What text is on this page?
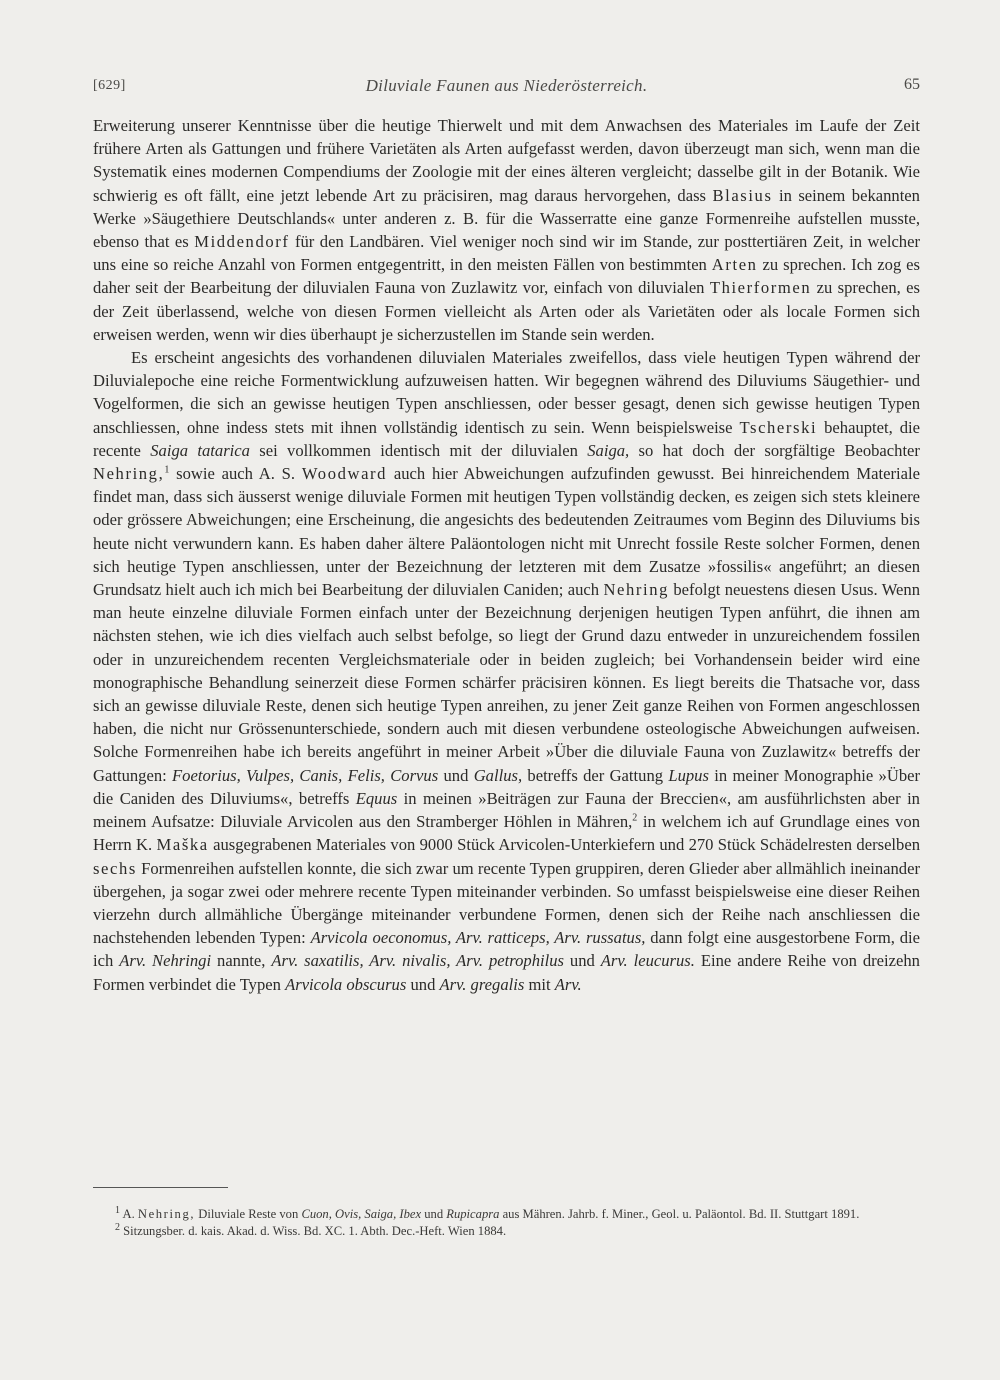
[629]	Diluviale Faunen aus Niederösterreich.	65

Erweiterung unserer Kenntnisse über die heutige Thierwelt und mit dem Anwachsen des Materiales im Laufe der Zeit frühere Arten als Gattungen und frühere Varietäten als Arten aufgefasst werden, davon überzeugt man sich, wenn man die Systematik eines modernen Compendiums der Zoologie mit der eines älteren vergleicht; dasselbe gilt in der Botanik. Wie schwierig es oft fällt, eine jetzt lebende Art zu präcisiren, mag daraus hervorgehen, dass Blasius in seinem bekannten Werke »Säugethiere Deutschlands« unter anderen z. B. für die Wasserratte eine ganze Formenreihe aufstellen musste, ebenso that es Middendorf für den Landbären. Viel weniger noch sind wir im Stande, zur posttertiären Zeit, in welcher uns eine so reiche Anzahl von Formen entgegentritt, in den meisten Fällen von bestimmten Arten zu sprechen. Ich zog es daher seit der Bearbeitung der diluvialen Fauna von Zuzlawitz vor, einfach von diluvialen Thierformen zu sprechen, es der Zeit überlassend, welche von diesen Formen vielleicht als Arten oder als Varietäten oder als locale Formen sich erweisen werden, wenn wir dies überhaupt je sicherzustellen im Stande sein werden.

Es erscheint angesichts des vorhandenen diluvialen Materiales zweifellos, dass viele heutigen Typen während der Diluvialepoche eine reiche Formentwicklung aufzuweisen hatten. Wir begegnen während des Diluviums Säugethier- und Vogelformen, die sich an gewisse heutigen Typen anschliessen, oder besser gesagt, denen sich gewisse heutigen Typen anschliessen, ohne indess stets mit ihnen vollständig identisch zu sein. Wenn beispielsweise Tscherski behauptet, die recente Saiga tatarica sei vollkommen identisch mit der diluvialen Saiga, so hat doch der sorgfältige Beobachter Nehring,$^1$ sowie auch A. S. Woodward auch hier Abweichungen aufzufinden gewusst. Bei hinreichendem Materiale findet man, dass sich äusserst wenige diluviale Formen mit heutigen Typen vollständig decken, es zeigen sich stets kleinere oder grössere Abweichungen; eine Erscheinung, die angesichts des bedeutenden Zeitraumes vom Beginn des Diluviums bis heute nicht verwundern kann. Es haben daher ältere Paläontologen nicht mit Unrecht fossile Reste solcher Formen, denen sich heutige Typen anschliessen, unter der Bezeichnung der letzteren mit dem Zusatze »fossilis« angeführt; an diesen Grundsatz hielt auch ich mich bei Bearbeitung der diluvialen Caniden; auch Nehring befolgt neuestens diesen Usus. Wenn man heute einzelne diluviale Formen einfach unter der Bezeichnung derjenigen heutigen Typen anführt, die ihnen am nächsten stehen, wie ich dies vielfach auch selbst befolge, so liegt der Grund dazu entweder in unzureichendem fossilen oder in unzureichendem recenten Vergleichsmateriale oder in beiden zugleich; bei Vorhandensein beider wird eine monographische Behandlung seinerzeit diese Formen schärfer präcisiren können. Es liegt bereits die Thatsache vor, dass sich an gewisse diluviale Reste, denen sich heutige Typen anreihen, zu jener Zeit ganze Reihen von Formen angeschlossen haben, die nicht nur Grössenunterschiede, sondern auch mit diesen verbundene osteologische Abweichungen aufweisen. Solche Formenreihen habe ich bereits angeführt in meiner Arbeit »Über die diluviale Fauna von Zuzlawitz« betreffs der Gattungen: Foetorius, Vulpes, Canis, Felis, Corvus und Gallus, betreffs der Gattung Lupus in meiner Monographie »Über die Caniden des Diluviums«, betreffs Equus in meinen »Beiträgen zur Fauna der Breccien«, am ausführlichsten aber in meinem Aufsatze: Diluviale Arvicolen aus den Stramberger Höhlen in Mähren,$^2$ in welchem ich auf Grundlage eines von Herrn K. Maška ausgegrabenen Materiales von 9000 Stück Arvicolen-Unterkiefern und 270 Stück Schädelresten derselben sechs Formenreihen aufstellen konnte, die sich zwar um recente Typen gruppiren, deren Glieder aber allmählich ineinander übergehen, ja sogar zwei oder mehrere recente Typen miteinander verbinden. So umfasst beispielsweise eine dieser Reihen vierzehn durch allmähliche Übergänge miteinander verbundene Formen, denen sich der Reihe nach anschliessen die nachstehenden lebenden Typen: Arvicola oeconomus, Arv. ratticeps, Arv. russatus, dann folgt eine ausgestorbene Form, die ich Arv. Nehringi nannte, Arv. saxatilis, Arv. nivalis, Arv. petrophilus und Arv. leucurus. Eine andere Reihe von dreizehn Formen verbindet die Typen Arvicola obscurus und Arv. gregalis mit Arv.

$^1$ A. Nehring, Diluviale Reste von Cuon, Ovis, Saiga, Ibex und Rupicapra aus Mähren. Jahrb. f. Miner., Geol. u. Paläontol. Bd. II. Stuttgart 1891.

$^2$ Sitzungsber. d. kais. Akad. d. Wiss. Bd. XC. 1. Abth. Dec.-Heft. Wien 1884.
